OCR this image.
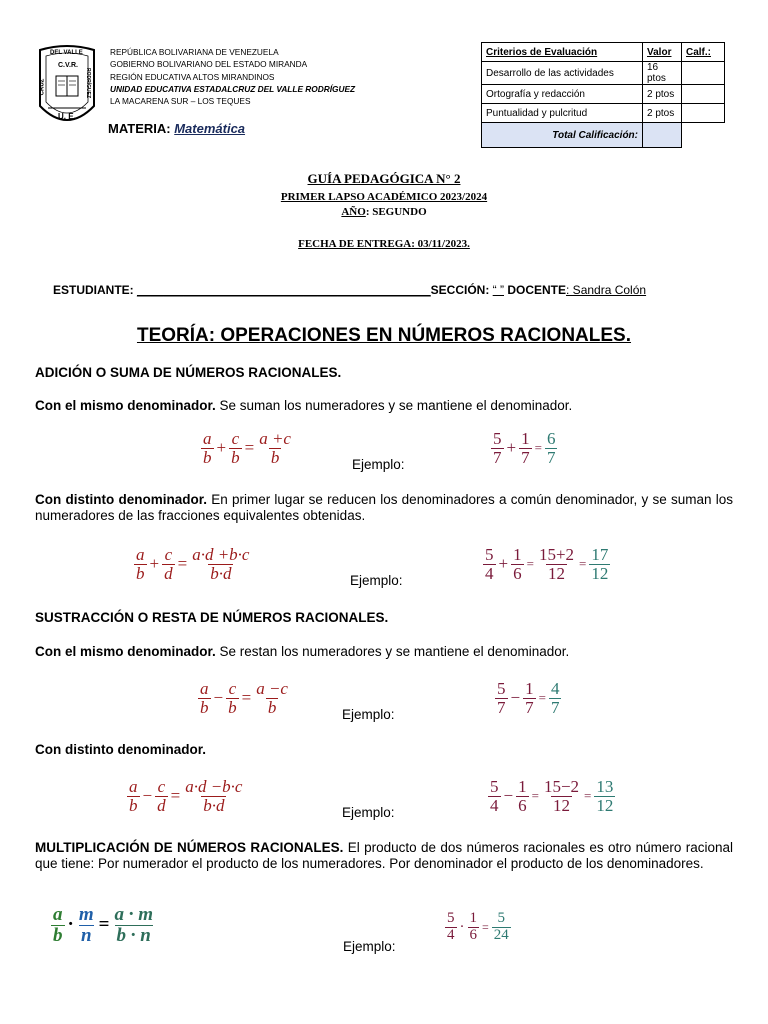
DEL VALLE
C.V.R.
CRUZ	RODRÍGUEZ
U. E.
REPÚBLICA BOLIVARIANA DE VENEZUELA
GOBIERNO BOLIVARIANO DEL ESTADO MIRANDA
REGIÓN EDUCATIVA ALTOS MIRANDINOS
UNIDAD EDUCATIVA ESTADALCRUZ DEL VALLE RODRÍGUEZ
LA MACARENA SUR – LOS TEQUES
MATERIA: Matemática
Criterios de Evaluación	Valor	Calf.:
Desarrollo de las actividades	16 ptos	
Ortografía y redacción	2 ptos	
Puntualidad y pulcritud	2 ptos	
Total Calificación:		
GUÍA PEDAGÓGICA N° 2
PRIMER LAPSO ACADÉMICO 2023/2024
AÑO: SEGUNDO
FECHA DE ENTREGA: 03/11/2023.
ESTUDIANTE: ____________________________________________SECCIÓN: “ ” DOCENTE: Sandra Colón
TEORÍA: OPERACIONES EN NÚMEROS RACIONALES.
ADICIÓN O SUMA DE NÚMEROS RACIONALES.
Con el mismo denominador. Se suman los numeradores y se mantiene el denominador.
$\frac{a}{b} + \frac{c}{b} = \frac{a +c}{b}$	Ejemplo:	$\frac{5}{7} + \frac{1}{7} = \frac{6}{7}$
Con distinto denominador. En primer lugar se reducen los denominadores a común denominador, y se suman los numeradores de las fracciones equivalentes obtenidas.
$\frac{a}{b} + \frac{c}{d} = \frac{a\cdot d +b\cdot c}{b\cdot d}$	Ejemplo:	$\frac{5}{4} + \frac{1}{6} = \frac{15+2}{12} = \frac{17}{12}$
SUSTRACCIÓN O RESTA DE NÚMEROS RACIONALES.
Con el mismo denominador. Se restan los numeradores y se mantiene el denominador.
$\frac{a}{b} - \frac{c}{b} = \frac{a -c}{b}$	Ejemplo:	$\frac{5}{7} - \frac{1}{7} = \frac{4}{7}$
Con distinto denominador.
$\frac{a}{b} - \frac{c}{d} = \frac{a\cdot d -b\cdot c}{b\cdot d}$	Ejemplo:	$\frac{5}{4} - \frac{1}{6} = \frac{15-2}{12} = \frac{13}{12}$
MULTIPLICACIÓN DE NÚMEROS RACIONALES. El producto de dos números racionales es otro número racional que tiene: Por numerador el producto de los numeradores. Por denominador el producto de los denominadores.
$\frac{a}{b} \cdot \frac{m}{n} = \frac{a \cdot m}{b \cdot n}$
Ejemplo:
$\frac{5}{4} \cdot \frac{1}{6} = \frac{5}{24}$
